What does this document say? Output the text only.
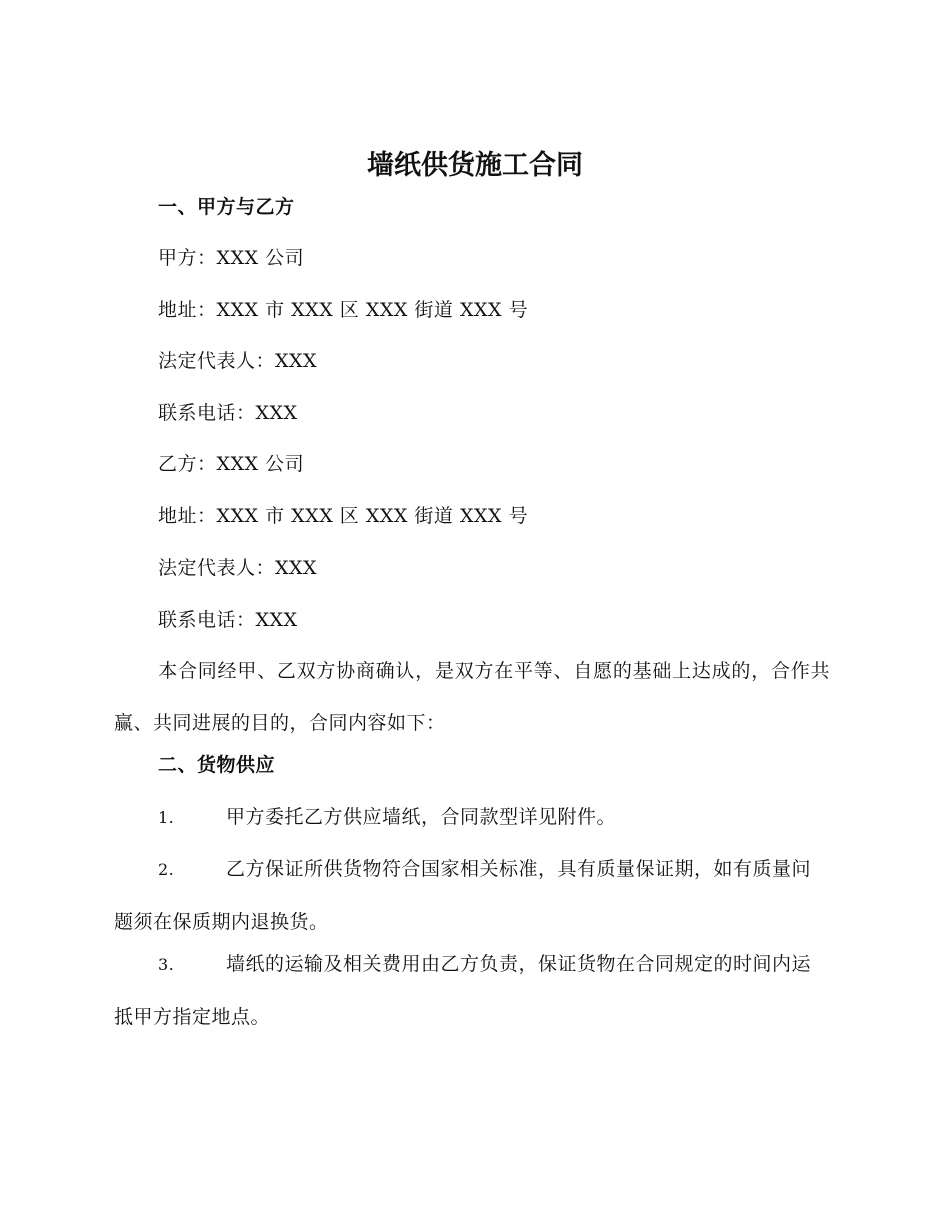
墙纸供货施工合同
一、甲方与乙方
甲方：XXX 公司
地址：XXX 市 XXX 区 XXX 街道 XXX 号
法定代表人：XXX
联系电话：XXX
乙方：XXX 公司
地址：XXX 市 XXX 区 XXX 街道 XXX 号
法定代表人：XXX
联系电话：XXX
本合同经甲、乙双方协商确认，是双方在平等、自愿的基础上达成的，合作共赢、共同进展的目的，合同内容如下：
二、货物供应
1.	甲方委托乙方供应墙纸，合同款型详见附件。
2.	乙方保证所供货物符合国家相关标准，具有质量保证期，如有质量问题须在保质期内退换货。
3.	墙纸的运输及相关费用由乙方负责，保证货物在合同规定的时间内运抵甲方指定地点。
